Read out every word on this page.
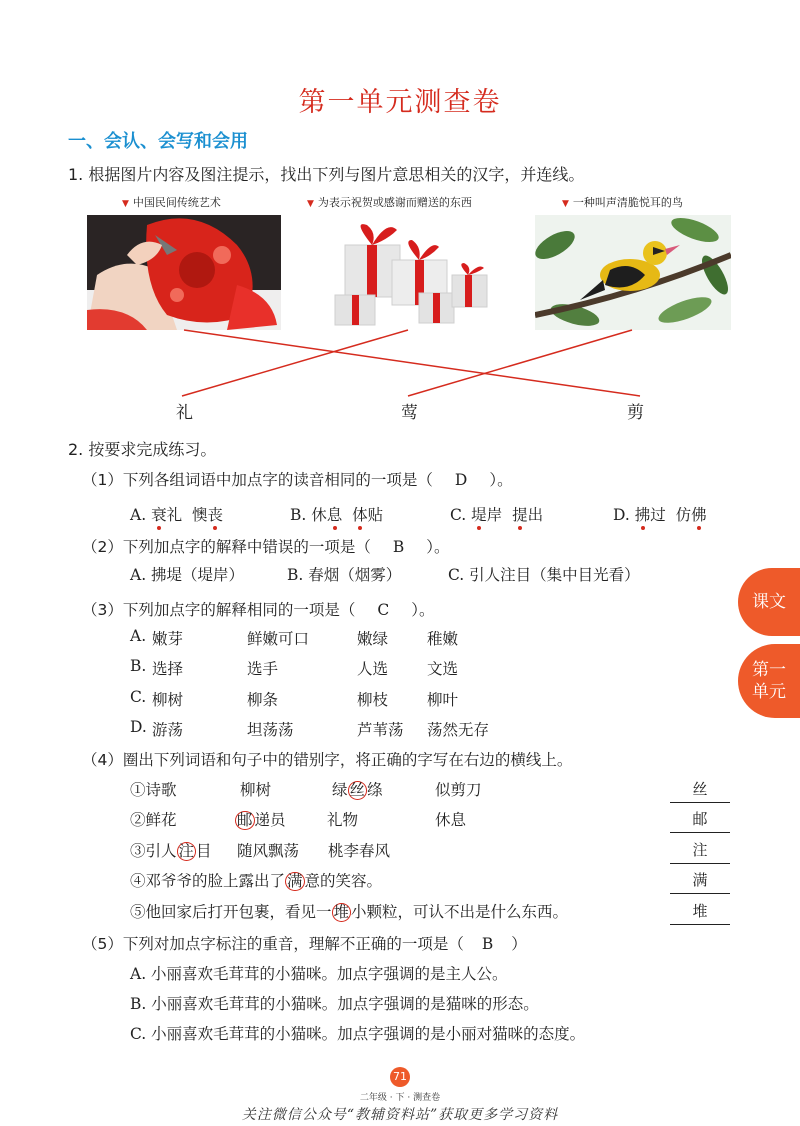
第一单元测查卷
一、会认、会写和会用
1. 根据图片内容及图注提示，找出下列与图片意思相关的汉字，并连线。
▼ 中国民间传统艺术	▼ 为表示祝贺或感谢而赠送的东西	▼ 一种叫声清脆悦耳的鸟
礼	莺	剪
2. 按要求完成练习。
（1）下列各组词语中加点字的读音相同的一项是（ D ）。
A. 衰礼 懊丧	B. 休息 体贴	C. 堤岸 提出	D. 拂过 仿佛
（2）下列加点字的解释中错误的一项是（ B ）。
A. 拂堤（堤岸）	B. 春烟（烟雾）	C. 引人注目（集中目光看）
（3）下列加点字的解释相同的一项是（ C ）。
A. 嫩芽	鲜嫩可口	嫩绿	稚嫩
B. 选择	选手	人选	文选
C. 柳树	柳条	柳枝	柳叶
D. 游荡	坦荡荡	芦苇荡 荡然无存
（4）圈出下列词语和句子中的错别字，将正确的字写在右边的横线上。
①诗歌	柳树	绿 丝 绦	似剪刀	丝
②鲜花	邮 递员	礼物	休息	邮
③引人 注 目 随风飘荡 桃李春风	注
④邓爷爷的脸上露出了 满 意的笑容。	满
⑤他回家后打开包裹，看见一 堆 小颗粒，可认不出是什么东西。	堆
（5）下列对加点字标注的重音，理解不正确的一项是（ B ）
A. 小丽喜欢毛茸茸的小猫咪。加点字强调的是主人公。
B. 小丽喜欢毛茸茸的小猫咪。加点字强调的是猫咪的形态。
C. 小丽喜欢毛茸茸的小猫咪。加点字强调的是小丽对猫咪的态度。
课文
第一单元
71
二年级 · 下 · 测查卷
关注微信公众号“教辅资料站”获取更多学习资料
